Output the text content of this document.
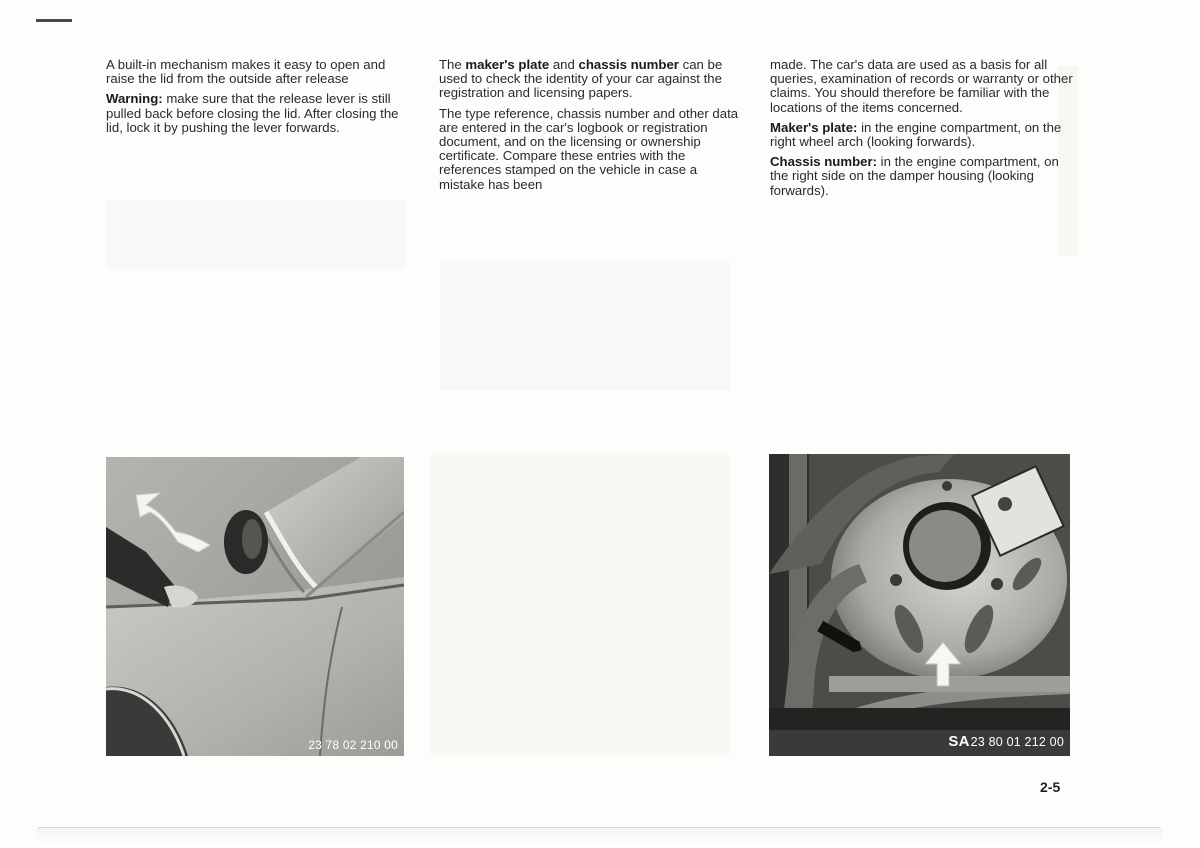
A built-in mechanism makes it easy to open and raise the lid from the outside after release

Warning: make sure that the release lever is still pulled back before closing the lid. After closing the lid, lock it by pushing the lever forwards.

The maker's plate and chassis number can be used to check the identity of your car against the registration and licensing papers.

The type reference, chassis number and other data are entered in the car's logbook or registration document, and on the licensing or ownership certificate. Compare these entries with the references stamped on the vehicle in case a mistake has been

made. The car's data are used as a basis for all queries, examination of records or warranty or other claims. You should therefore be familiar with the locations of the items concerned.

Maker's plate: in the engine compartment, on the right wheel arch (looking forwards).

Chassis number: in the engine compartment, on the right side on the damper housing (looking forwards).

23 78 02 210 00	SA23 80 01 212 00
2-5
